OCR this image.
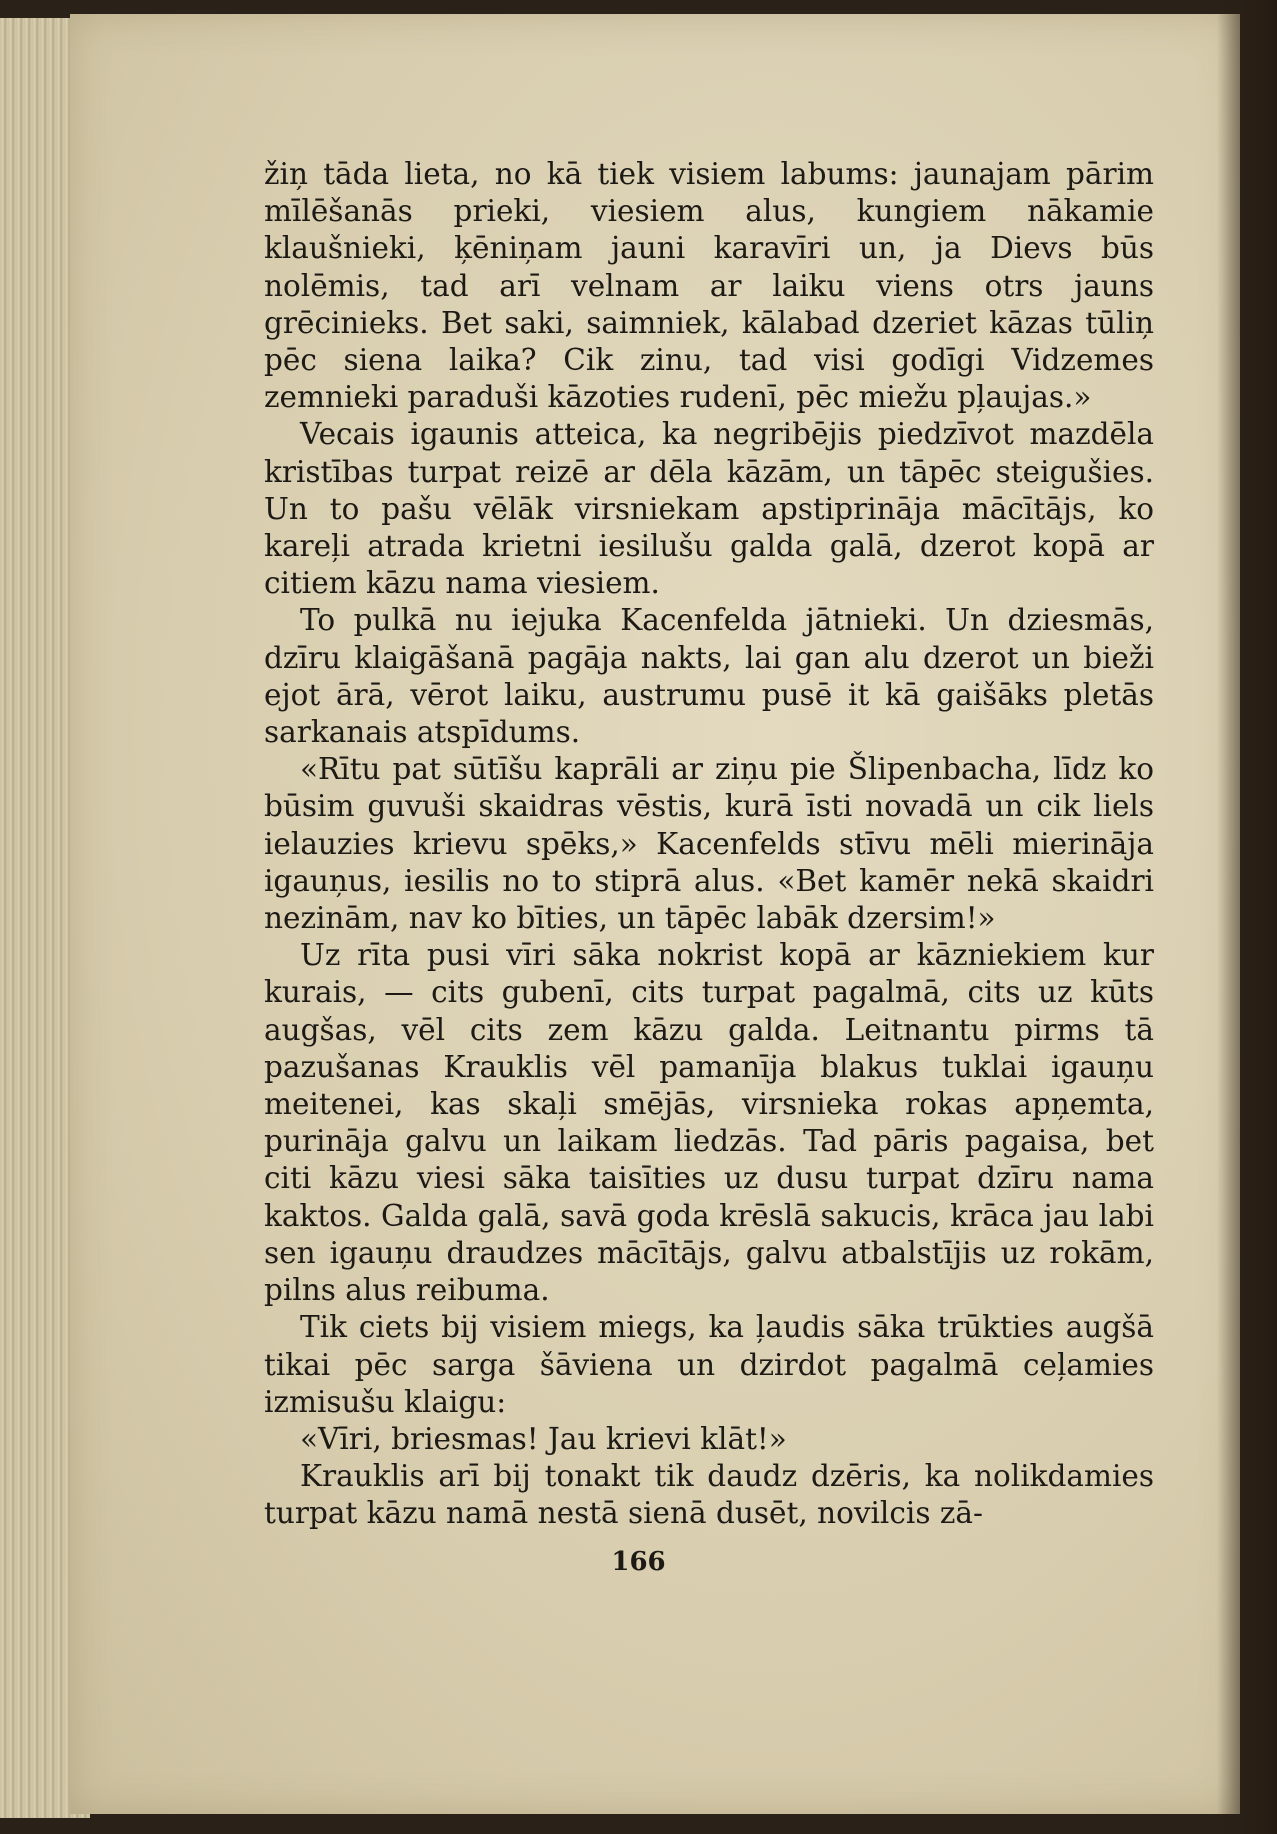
žiņ tāda lieta, no kā tiek visiem labums: jaunajam pārim mīlēšanās prieki, viesiem alus, kungiem nākamie klaušnieki, ķēniņam jauni karavīri un, ja Dievs būs nolēmis, tad arī velnam ar laiku viens otrs jauns grēcinieks. Bet saki, saimniek, kālabad dzeriet kāzas tūliņ pēc siena laika? Cik zinu, tad visi godīgi Vidzemes zemnieki paraduši kāzoties rudenī, pēc miežu pļaujas.»

Vecais igaunis atteica, ka negribējis piedzīvot mazdēla kristības turpat reizē ar dēla kāzām, un tāpēc steigušies. Un to pašu vēlāk virsniekam apstiprināja mācītājs, ko kareļi atrada krietni iesilušu galda galā, dzerot kopā ar citiem kāzu nama viesiem.

To pulkā nu iejuka Kacenfelda jātnieki. Un dziesmās, dzīru klaigāšanā pagāja nakts, lai gan alu dzerot un bieži ejot ārā, vērot laiku, austrumu pusē it kā gaišāks pletās sarkanais atspīdums.

«Rītu pat sūtīšu kaprāli ar ziņu pie Šlipenbacha, līdz ko būsim guvuši skaidras vēstis, kurā īsti novadā un cik liels ielauzies krievu spēks,» Kacenfelds stīvu mēli mierināja igauņus, iesilis no to stiprā alus. «Bet kamēr nekā skaidri nezinām, nav ko bīties, un tāpēc labāk dzersim!»

Uz rīta pusi vīri sāka nokrist kopā ar kāzniekiem kur kurais, — cits gubenī, cits turpat pagalmā, cits uz kūts augšas, vēl cits zem kāzu galda. Leitnantu pirms tā pazušanas Krauklis vēl pamanīja blakus tuklai igauņu meitenei, kas skaļi smējās, virsnieka rokas apņemta, purināja galvu un laikam liedzās. Tad pāris pagaisa, bet citi kāzu viesi sāka taisīties uz dusu turpat dzīru nama kaktos. Galda galā, savā goda krēslā sakucis, krāca jau labi sen igauņu draudzes mācītājs, galvu atbalstījis uz rokām, pilns alus reibuma.

Tik ciets bij visiem miegs, ka ļaudis sāka trūkties augšā tikai pēc sarga šāviena un dzirdot pagalmā ceļamies izmisušu klaigu:

«Vīri, briesmas! Jau krievi klāt!»

Krauklis arī bij tonakt tik daudz dzēris, ka nolikdamies turpat kāzu namā nestā sienā dusēt, novilcis zā-

166
